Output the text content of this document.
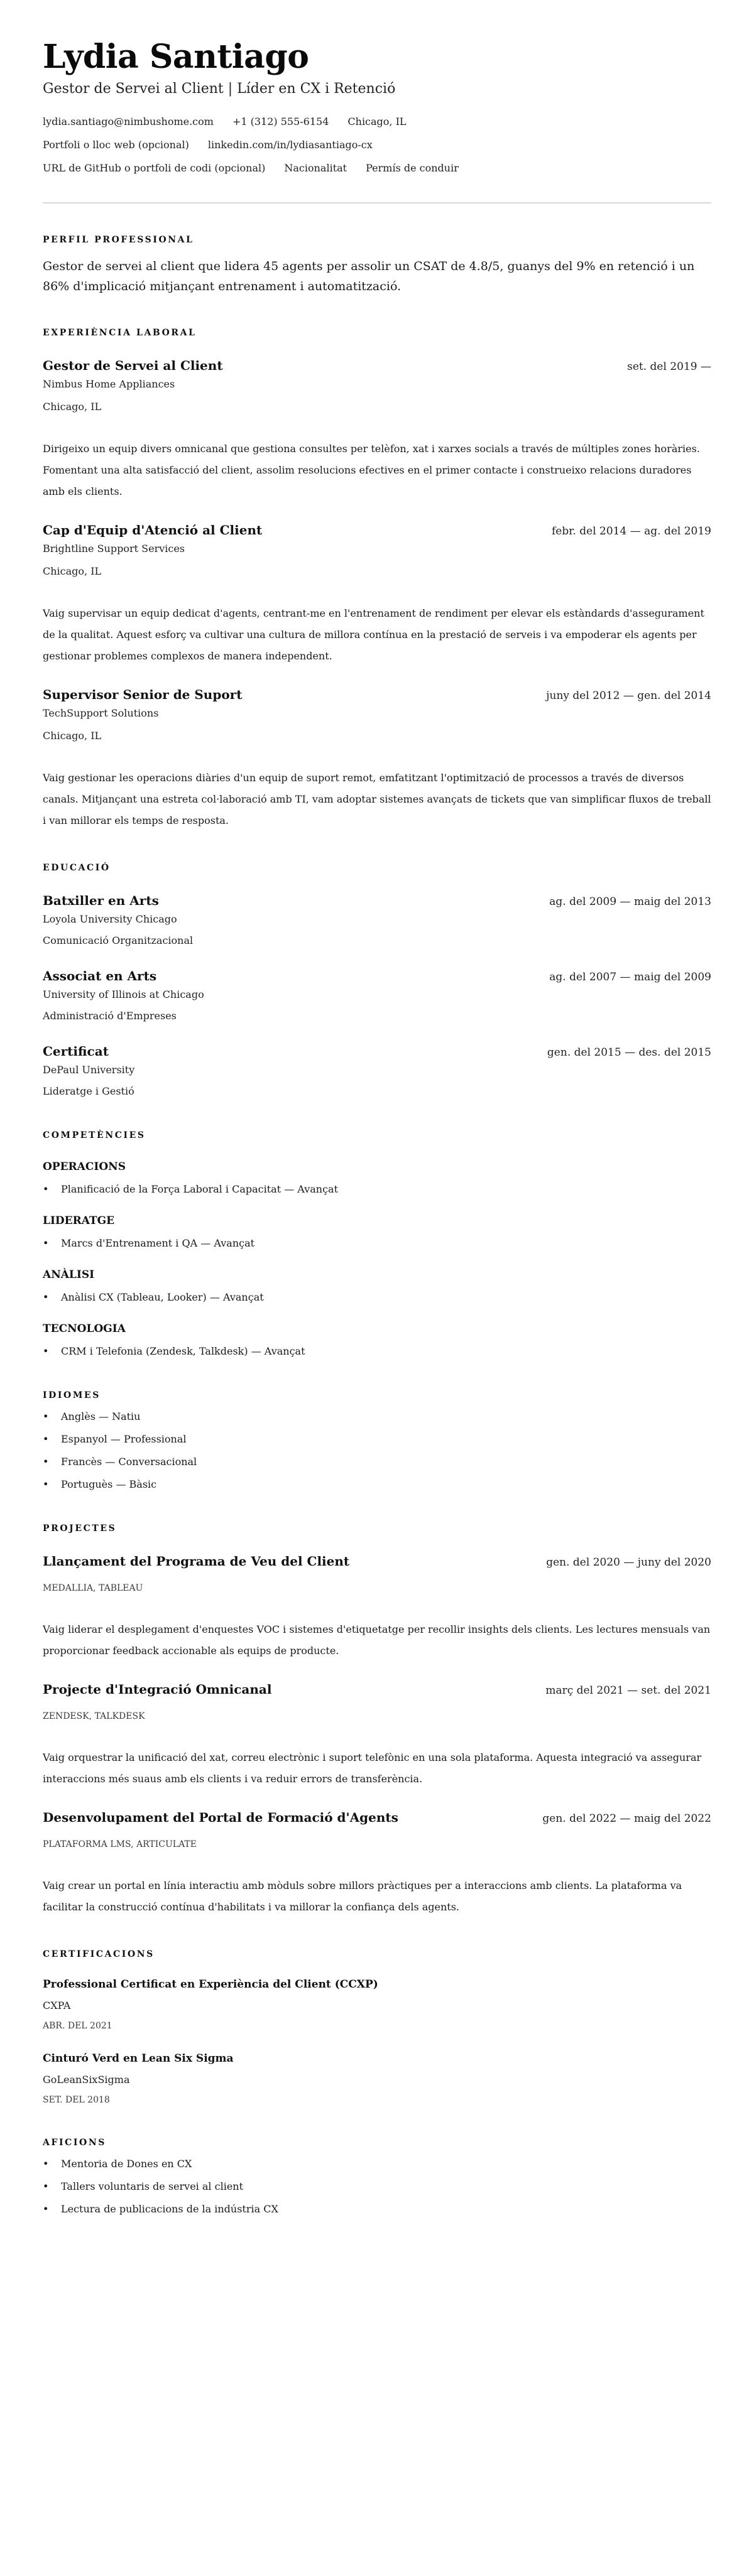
Lydia Santiago
Gestor de Servei al Client | Líder en CX i Retenció
lydia.santiago@nimbushome.com +1 (312) 555-6154 Chicago, IL
Portfoli o lloc web (opcional) linkedin.com/in/lydiasantiago-cx
URL de GitHub o portfoli de codi (opcional) Nacionalitat Permís de conduir
PERFIL PROFESSIONAL

Gestor de servei al client que lidera 45 agents per assolir un CSAT de 4.8/5, guanys del 9% en retenció i un 86% d'implicació mitjançant entrenament i automatització.

EXPERIÈNCIA LABORAL
Gestor de Servei al Client	set. del 2019 —
Nimbus Home Appliances
Chicago, IL

Dirigeixo un equip divers omnicanal que gestiona consultes per telèfon, xat i xarxes socials a través de múltiples zones horàries. Fomentant una alta satisfacció del client, assolim resolucions efectives en el primer contacte i construeixo relacions duradores amb els clients.

Cap d'Equip d'Atenció al Client	febr. del 2014 — ag. del 2019
Brightline Support Services
Chicago, IL

Vaig supervisar un equip dedicat d'agents, centrant-me en l'entrenament de rendiment per elevar els estàndards d'assegurament de la qualitat. Aquest esforç va cultivar una cultura de millora contínua en la prestació de serveis i va empoderar els agents per gestionar problemes complexos de manera independent.

Supervisor Senior de Suport	juny del 2012 — gen. del 2014
TechSupport Solutions
Chicago, IL

Vaig gestionar les operacions diàries d'un equip de suport remot, emfatitzant l'optimització de processos a través de diversos canals. Mitjançant una estreta col·laboració amb TI, vam adoptar sistemes avançats de tickets que van simplificar fluxos de treball i van millorar els temps de resposta.

EDUCACIÓ
Batxiller en Arts	ag. del 2009 — maig del 2013
Loyola University Chicago
Comunicació Organitzacional
Associat en Arts	ag. del 2007 — maig del 2009
University of Illinois at Chicago
Administració d'Empreses
Certificat	gen. del 2015 — des. del 2015
DePaul University
Lideratge i Gestió
COMPETÈNCIES
OPERACIONS
•	Planificació de la Força Laboral i Capacitat — Avançat
LIDERATGE
•	Marcs d'Entrenament i QA — Avançat
ANÀLISI
•	Anàlisi CX (Tableau, Looker) — Avançat
TECNOLOGIA
•	CRM i Telefonia (Zendesk, Talkdesk) — Avançat
IDIOMES
•	Anglès — Natiu
•	Espanyol — Professional
•	Francès — Conversacional
•	Portuguès — Bàsic
PROJECTES
Llançament del Programa de Veu del Client	gen. del 2020 — juny del 2020
MEDALLIA, TABLEAU

Vaig liderar el desplegament d'enquestes VOC i sistemes d'etiquetatge per recollir insights dels clients. Les lectures mensuals van proporcionar feedback accionable als equips de producte.

Projecte d'Integració Omnicanal	març del 2021 — set. del 2021
ZENDESK, TALKDESK

Vaig orquestrar la unificació del xat, correu electrònic i suport telefònic en una sola plataforma. Aquesta integració va assegurar interaccions més suaus amb els clients i va reduir errors de transferència.

Desenvolupament del Portal de Formació d'Agents	gen. del 2022 — maig del 2022
PLATAFORMA LMS, ARTICULATE

Vaig crear un portal en línia interactiu amb mòduls sobre millors pràctiques per a interaccions amb clients. La plataforma va facilitar la construcció contínua d'habilitats i va millorar la confiança dels agents.

CERTIFICACIONS
Professional Certificat en Experiència del Client (CCXP)
CXPA
ABR. DEL 2021
Cinturó Verd en Lean Six Sigma
GoLeanSixSigma
SET. DEL 2018
AFICIONS
•	Mentoria de Dones en CX
•	Tallers voluntaris de servei al client
•	Lectura de publicacions de la indústria CX
